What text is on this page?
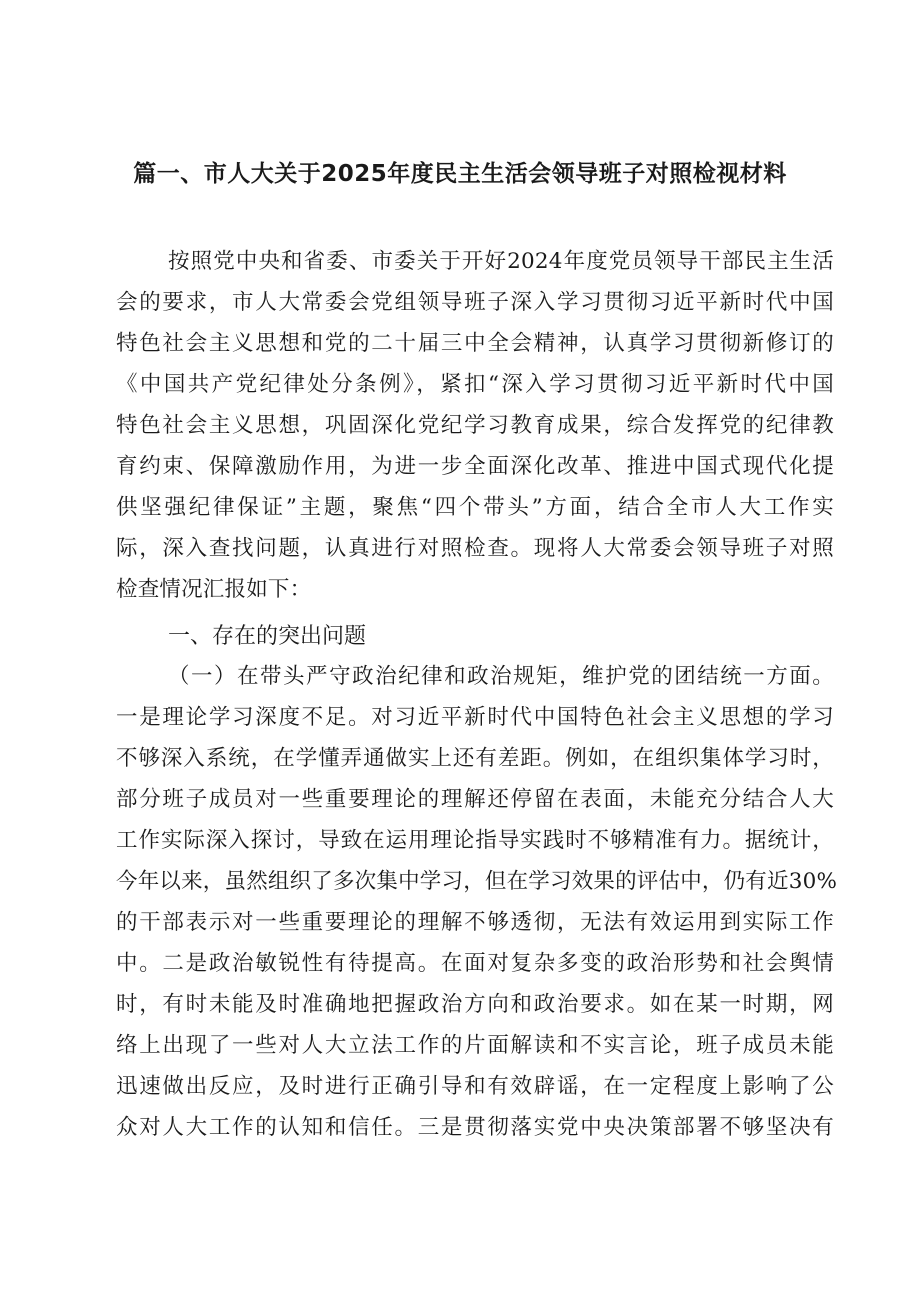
篇一、市人大关于2025年度民主生活会领导班子对照检视材料
按照党中央和省委、市委关于开好2024年度党员领导干部民主生活
会的要求，市人大常委会党组领导班子深入学习贯彻习近平新时代中国
特色社会主义思想和党的二十届三中全会精神，认真学习贯彻新修订的
《中国共产党纪律处分条例》，紧扣“深入学习贯彻习近平新时代中国
特色社会主义思想，巩固深化党纪学习教育成果，综合发挥党的纪律教
育约束、保障激励作用，为进一步全面深化改革、推进中国式现代化提
供坚强纪律保证”主题，聚焦“四个带头”方面，结合全市人大工作实
际，深入查找问题，认真进行对照检查。现将人大常委会领导班子对照
检查情况汇报如下：
一、存在的突出问题
（一）在带头严守政治纪律和政治规矩，维护党的团结统一方面。
一是理论学习深度不足。对习近平新时代中国特色社会主义思想的学习
不够深入系统，在学懂弄通做实上还有差距。例如，在组织集体学习时，
部分班子成员对一些重要理论的理解还停留在表面，未能充分结合人大
工作实际深入探讨，导致在运用理论指导实践时不够精准有力。据统计，
今年以来，虽然组织了多次集中学习，但在学习效果的评估中，仍有近30%
的干部表示对一些重要理论的理解不够透彻，无法有效运用到实际工作
中。二是政治敏锐性有待提高。在面对复杂多变的政治形势和社会舆情
时，有时未能及时准确地把握政治方向和政治要求。如在某一时期，网
络上出现了一些对人大立法工作的片面解读和不实言论，班子成员未能
迅速做出反应，及时进行正确引导和有效辟谣，在一定程度上影响了公
众对人大工作的认知和信任。三是贯彻落实党中央决策部署不够坚决有
